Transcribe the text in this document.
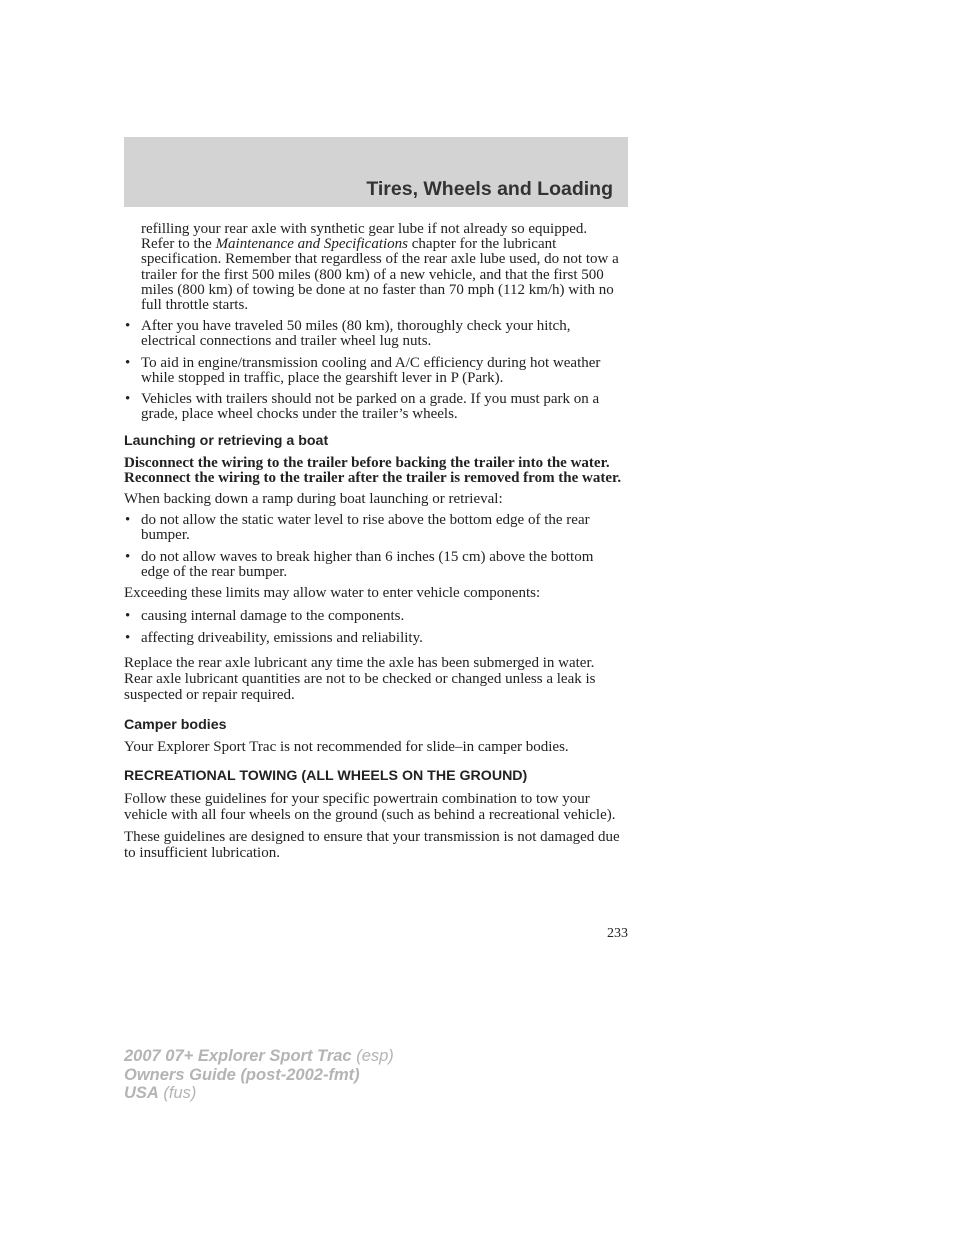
Tires, Wheels and Loading

refilling your rear axle with synthetic gear lube if not already so equipped. Refer to the Maintenance and Specifications chapter for the lubricant specification. Remember that regardless of the rear axle lube used, do not tow a trailer for the first 500 miles (800 km) of a new vehicle, and that the first 500 miles (800 km) of towing be done at no faster than 70 mph (112 km/h) with no full throttle starts.

• After you have traveled 50 miles (80 km), thoroughly check your hitch, electrical connections and trailer wheel lug nuts.
• To aid in engine/transmission cooling and A/C efficiency during hot weather while stopped in traffic, place the gearshift lever in P (Park).
• Vehicles with trailers should not be parked on a grade. If you must park on a grade, place wheel chocks under the trailer’s wheels.
Launching or retrieving a boat

Disconnect the wiring to the trailer before backing the trailer into the water. Reconnect the wiring to the trailer after the trailer is removed from the water.

When backing down a ramp during boat launching or retrieval:

• do not allow the static water level to rise above the bottom edge of the rear bumper.
• do not allow waves to break higher than 6 inches (15 cm) above the bottom edge of the rear bumper.

Exceeding these limits may allow water to enter vehicle components:

• causing internal damage to the components.
• affecting driveability, emissions and reliability.

Replace the rear axle lubricant any time the axle has been submerged in water. Rear axle lubricant quantities are not to be checked or changed unless a leak is suspected or repair required.

Camper bodies

Your Explorer Sport Trac is not recommended for slide–in camper bodies.

RECREATIONAL TOWING (ALL WHEELS ON THE GROUND)

Follow these guidelines for your specific powertrain combination to tow your vehicle with all four wheels on the ground (such as behind a recreational vehicle).

These guidelines are designed to ensure that your transmission is not damaged due to insufficient lubrication.

233
2007 07+ Explorer Sport Trac (esp)
Owners Guide (post-2002-fmt)
USA (fus)
